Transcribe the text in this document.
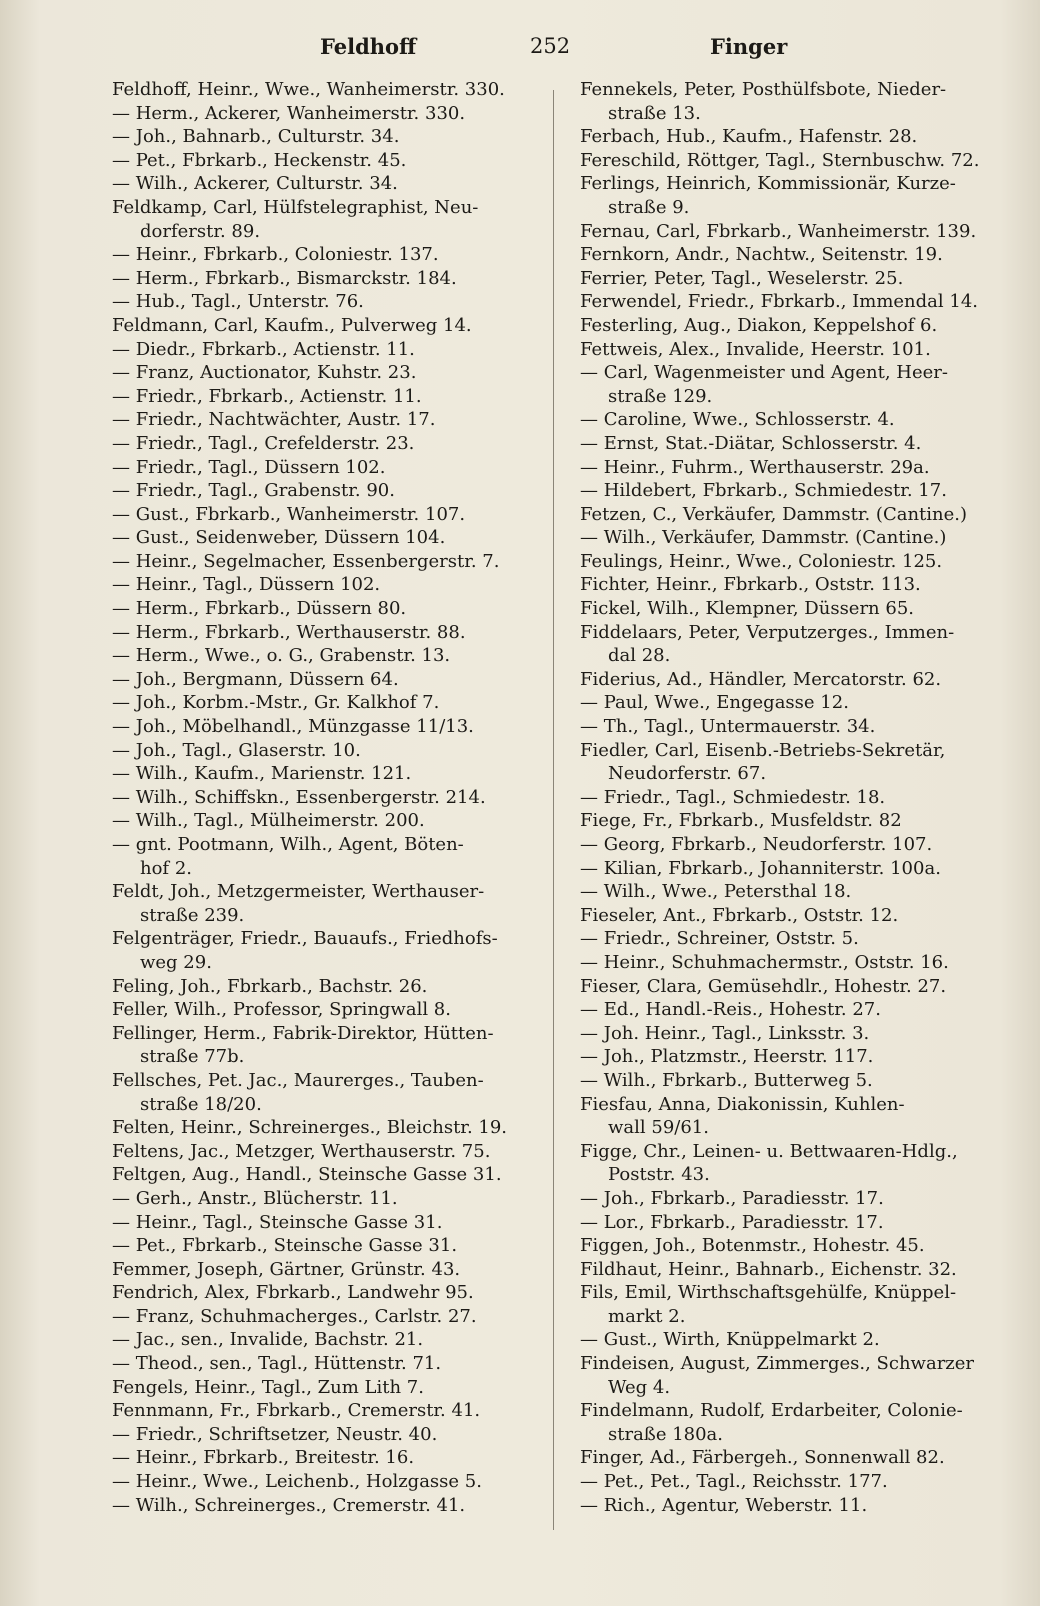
Feldhoff	252	Finger
Feldhoff, Heinr., Wwe., Wanheimerstr. 330.
— Herm., Ackerer, Wanheimerstr. 330.
— Joh., Bahnarb., Culturstr. 34.
— Pet., Fbrkarb., Heckenstr. 45.
— Wilh., Ackerer, Culturstr. 34.
Feldkamp, Carl, Hülfstelegraphist, Neu-
dorferstr. 89.
— Heinr., Fbrkarb., Coloniestr. 137.
— Herm., Fbrkarb., Bismarckstr. 184.
— Hub., Tagl., Unterstr. 76.
Feldmann, Carl, Kaufm., Pulverweg 14.
— Diedr., Fbrkarb., Actienstr. 11.
— Franz, Auctionator, Kuhstr. 23.
— Friedr., Fbrkarb., Actienstr. 11.
— Friedr., Nachtwächter, Austr. 17.
— Friedr., Tagl., Crefelderstr. 23.
— Friedr., Tagl., Düssern 102.
— Friedr., Tagl., Grabenstr. 90.
— Gust., Fbrkarb., Wanheimerstr. 107.
— Gust., Seidenweber, Düssern 104.
— Heinr., Segelmacher, Essenbergerstr. 7.
— Heinr., Tagl., Düssern 102.
— Herm., Fbrkarb., Düssern 80.
— Herm., Fbrkarb., Werthauserstr. 88.
— Herm., Wwe., o. G., Grabenstr. 13.
— Joh., Bergmann, Düssern 64.
— Joh., Korbm.-Mstr., Gr. Kalkhof 7.
— Joh., Möbelhandl., Münzgasse 11/13.
— Joh., Tagl., Glaserstr. 10.
— Wilh., Kaufm., Marienstr. 121.
— Wilh., Schiffskn., Essenbergerstr. 214.
— Wilh., Tagl., Mülheimerstr. 200.
— gnt. Pootmann, Wilh., Agent, Böten-
hof 2.
Feldt, Joh., Metzgermeister, Werthauser-
straße 239.
Felgenträger, Friedr., Bauaufs., Friedhofs-
weg 29.
Feling, Joh., Fbrkarb., Bachstr. 26.
Feller, Wilh., Professor, Springwall 8.
Fellinger, Herm., Fabrik-Direktor, Hütten-
straße 77b.
Fellsches, Pet. Jac., Maurerges., Tauben-
straße 18/20.
Felten, Heinr., Schreinerges., Bleichstr. 19.
Feltens, Jac., Metzger, Werthauserstr. 75.
Feltgen, Aug., Handl., Steinsche Gasse 31.
— Gerh., Anstr., Blücherstr. 11.
— Heinr., Tagl., Steinsche Gasse 31.
— Pet., Fbrkarb., Steinsche Gasse 31.
Femmer, Joseph, Gärtner, Grünstr. 43.
Fendrich, Alex, Fbrkarb., Landwehr 95.
— Franz, Schuhmacherges., Carlstr. 27.
— Jac., sen., Invalide, Bachstr. 21.
— Theod., sen., Tagl., Hüttenstr. 71.
Fengels, Heinr., Tagl., Zum Lith 7.
Fennmann, Fr., Fbrkarb., Cremerstr. 41.
— Friedr., Schriftsetzer, Neustr. 40.
— Heinr., Fbrkarb., Breitestr. 16.
— Heinr., Wwe., Leichenb., Holzgasse 5.
— Wilh., Schreinerges., Cremerstr. 41.
Fennekels, Peter, Posthülfsbote, Nieder-
straße 13.
Ferbach, Hub., Kaufm., Hafenstr. 28.
Fereschild, Röttger, Tagl., Sternbuschw. 72.
Ferlings, Heinrich, Kommissionär, Kurze-
straße 9.
Fernau, Carl, Fbrkarb., Wanheimerstr. 139.
Fernkorn, Andr., Nachtw., Seitenstr. 19.
Ferrier, Peter, Tagl., Weselerstr. 25.
Ferwendel, Friedr., Fbrkarb., Immendal 14.
Festerling, Aug., Diakon, Keppelshof 6.
Fettweis, Alex., Invalide, Heerstr. 101.
— Carl, Wagenmeister und Agent, Heer-
straße 129.
— Caroline, Wwe., Schlosserstr. 4.
— Ernst, Stat.-Diätar, Schlosserstr. 4.
— Heinr., Fuhrm., Werthauserstr. 29a.
— Hildebert, Fbrkarb., Schmiedestr. 17.
Fetzen, C., Verkäufer, Dammstr. (Cantine.)
— Wilh., Verkäufer, Dammstr. (Cantine.)
Feulings, Heinr., Wwe., Coloniestr. 125.
Fichter, Heinr., Fbrkarb., Oststr. 113.
Fickel, Wilh., Klempner, Düssern 65.
Fiddelaars, Peter, Verputzerges., Immen-
dal 28.
Fiderius, Ad., Händler, Mercatorstr. 62.
— Paul, Wwe., Engegasse 12.
— Th., Tagl., Untermauerstr. 34.
Fiedler, Carl, Eisenb.-Betriebs-Sekretär,
Neudorferstr. 67.
— Friedr., Tagl., Schmiedestr. 18.
Fiege, Fr., Fbrkarb., Musfeldstr. 82
— Georg, Fbrkarb., Neudorferstr. 107.
— Kilian, Fbrkarb., Johanniterstr. 100a.
— Wilh., Wwe., Petersthal 18.
Fieseler, Ant., Fbrkarb., Oststr. 12.
— Friedr., Schreiner, Oststr. 5.
— Heinr., Schuhmachermstr., Oststr. 16.
Fieser, Clara, Gemüsehdlr., Hohestr. 27.
— Ed., Handl.-Reis., Hohestr. 27.
— Joh. Heinr., Tagl., Linksstr. 3.
— Joh., Platzmstr., Heerstr. 117.
— Wilh., Fbrkarb., Butterweg 5.
Fiesfau, Anna, Diakonissin, Kuhlen-
wall 59/61.
Figge, Chr., Leinen- u. Bettwaaren-Hdlg.,
Poststr. 43.
— Joh., Fbrkarb., Paradiesstr. 17.
— Lor., Fbrkarb., Paradiesstr. 17.
Figgen, Joh., Botenmstr., Hohestr. 45.
Fildhaut, Heinr., Bahnarb., Eichenstr. 32.
Fils, Emil, Wirthschaftsgehülfe, Knüppel-
markt 2.
— Gust., Wirth, Knüppelmarkt 2.
Findeisen, August, Zimmerges., Schwarzer
Weg 4.
Findelmann, Rudolf, Erdarbeiter, Colonie-
straße 180a.
Finger, Ad., Färbergeh., Sonnenwall 82.
— Pet., Pet., Tagl., Reichsstr. 177.
— Rich., Agentur, Weberstr. 11.
